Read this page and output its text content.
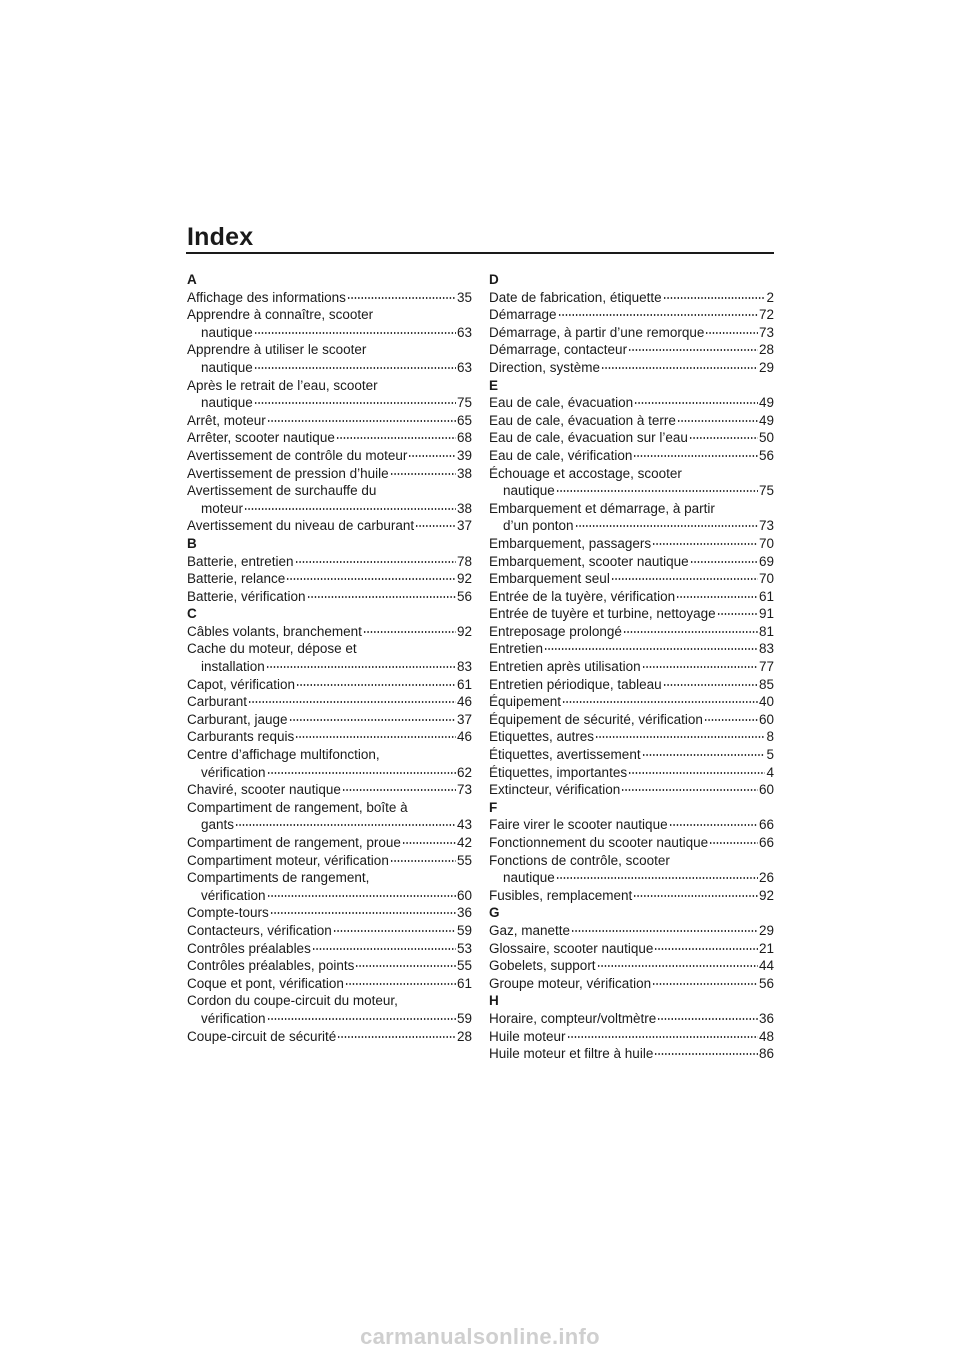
Index
A
Affichage des informations	35
Apprendre à connaître, scooter
nautique	63
Apprendre à utiliser le scooter
nautique	63
Après le retrait de l’eau, scooter
nautique	75
Arrêt, moteur	65
Arrêter, scooter nautique	68
Avertissement de contrôle du moteur	39
Avertissement de pression d’huile	38
Avertissement de surchauffe du
moteur	38
Avertissement du niveau de carburant	37
B
Batterie, entretien	78
Batterie, relance	92
Batterie, vérification	56
C
Câbles volants, branchement	92
Cache du moteur, dépose et
installation	83
Capot, vérification	61
Carburant	46
Carburant, jauge	37
Carburants requis	46
Centre d’affichage multifonction,
vérification	62
Chaviré, scooter nautique	73
Compartiment de rangement, boîte à
gants	43
Compartiment de rangement, proue	42
Compartiment moteur, vérification	55
Compartiments de rangement,
vérification	60
Compte-tours	36
Contacteurs, vérification	59
Contrôles préalables	53
Contrôles préalables, points	55
Coque et pont, vérification	61
Cordon du coupe-circuit du moteur,
vérification	59
Coupe-circuit de sécurité	28
D
Date de fabrication, étiquette	2
Démarrage	72
Démarrage, à partir d’une remorque	73
Démarrage, contacteur	28
Direction, système	29
E
Eau de cale, évacuation	49
Eau de cale, évacuation à terre	49
Eau de cale, évacuation sur l’eau	50
Eau de cale, vérification	56
Échouage et accostage, scooter
nautique	75
Embarquement et démarrage, à partir
d’un ponton	73
Embarquement, passagers	70
Embarquement, scooter nautique	69
Embarquement seul	70
Entrée de la tuyère, vérification	61
Entrée de tuyère et turbine, nettoyage	91
Entreposage prolongé	81
Entretien	83
Entretien après utilisation	77
Entretien périodique, tableau	85
Équipement	40
Équipement de sécurité, vérification	60
Etiquettes, autres	8
Étiquettes, avertissement	5
Étiquettes, importantes	4
Extincteur, vérification	60
F
Faire virer le scooter nautique	66
Fonctionnement du scooter nautique	66
Fonctions de contrôle, scooter
nautique	26
Fusibles, remplacement	92
G
Gaz, manette	29
Glossaire, scooter nautique	21
Gobelets, support	44
Groupe moteur, vérification	56
H
Horaire, compteur/voltmètre	36
Huile moteur	48
Huile moteur et filtre à huile	86
carmanualsonline.info
